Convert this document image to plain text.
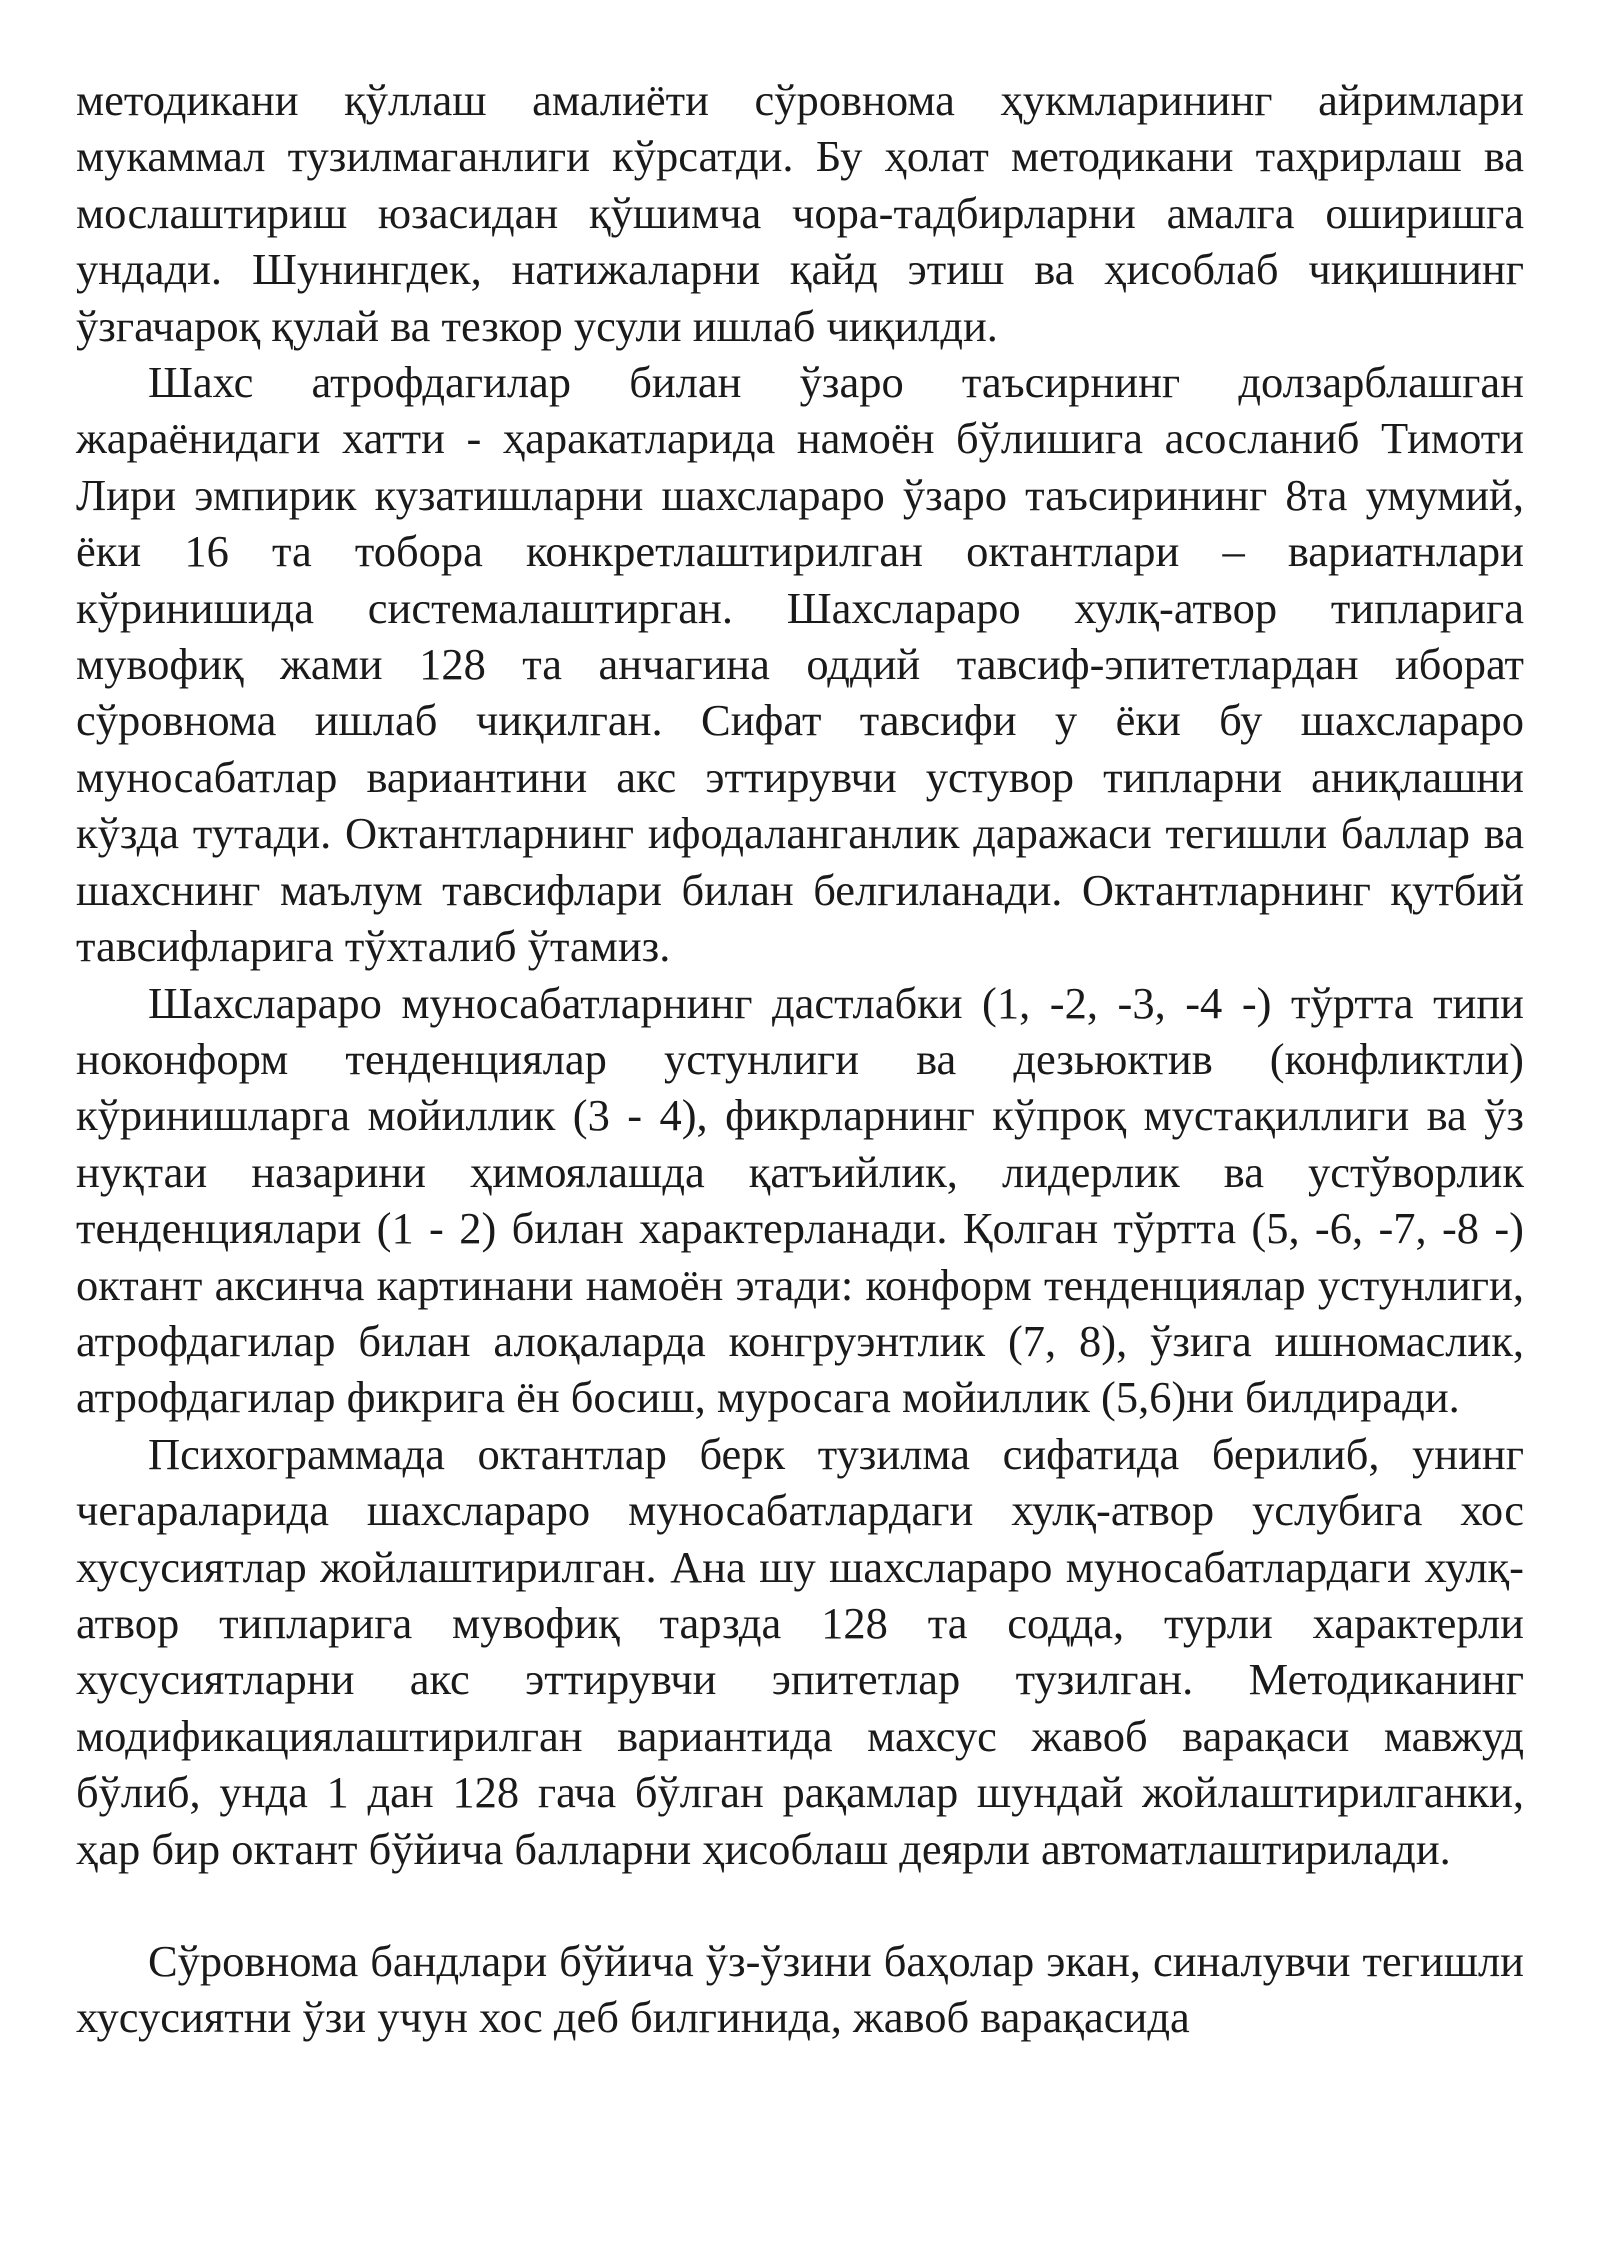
методикани қўллаш амалиёти сўровнома ҳукмларининг айримлари мукаммал тузилмаганлиги кўрсатди. Бу ҳолат методикани таҳрирлаш ва мослаштириш юзасидан қўшимча чора-тадбирларни амалга оширишга ундади. Шунингдек, натижаларни қайд этиш ва ҳисоблаб чиқишнинг ўзгачароқ қулай ва тезкор усули ишлаб чиқилди.

Шахс атрофдагилар билан ўзаро таъсирнинг долзарблашган жараёнидаги хатти - ҳаракатларида намоён бўлишига асосланиб Тимоти Лири эмпирик кузатишларни шахслараро ўзаро таъсирининг 8та умумий, ёки 16 та тобора конкретлаштирилган октантлари – вариатнлари кўринишида системалаштирган. Шахслараро хулқ-атвор типларига мувофиқ жами 128 та анчагина оддий тавсиф-эпитетлардан иборат сўровнома ишлаб чиқилган. Сифат тавсифи у ёки бу шахслараро муносабатлар вариантини акс эттирувчи устувор типларни аниқлашни кўзда тутади. Октантларнинг ифодаланганлик даражаси тегишли баллар ва шахснинг маълум тавсифлари билан белгиланади. Октантларнинг қутбий тавсифларига тўхталиб ўтамиз.

Шахслараро муносабатларнинг дастлабки (1, -2, -3, -4 -) тўртта типи ноконформ тенденциялар устунлиги ва дезьюктив (конфликтли) кўринишларга мойиллик (3 - 4), фикрларнинг кўпроқ мустақиллиги ва ўз нуқтаи назарини ҳимоялашда қатъийлик, лидерлик ва устўворлик тенденциялари (1 - 2) билан характерланади. Қолган тўртта (5, -6, -7, -8 -) октант аксинча картинани намоён этади: конформ тенденциялар устунлиги, атрофдагилар билан алоқаларда конгруэнтлик (7, 8), ўзига ишномаслик, атрофдагилар фикрига ён босиш, муросага мойиллик (5,6)ни билдиради.

Психограммада октантлар берк тузилма сифатида берилиб, унинг чегараларида шахслараро муносабатлардаги хулқ-атвор услубига хос хусусиятлар жойлаштирилган. Ана шу шахслараро муносабатлардаги хулқ-атвор типларига мувофиқ тарзда 128 та содда, турли характерли хусусиятларни акс эттирувчи эпитетлар тузилган. Методиканинг модификациялаштирилган вариантида махсус жавоб варақаси мавжуд бўлиб, унда 1 дан 128 гача бўлган рақамлар шундай жойлаштирилганки, ҳар бир октант бўйича балларни ҳисоблаш деярли автоматлаштирилади.

Сўровнома бандлари бўйича ўз-ўзини баҳолар экан, синалувчи тегишли хусусиятни ўзи учун хос деб билгинида, жавоб варақасида
